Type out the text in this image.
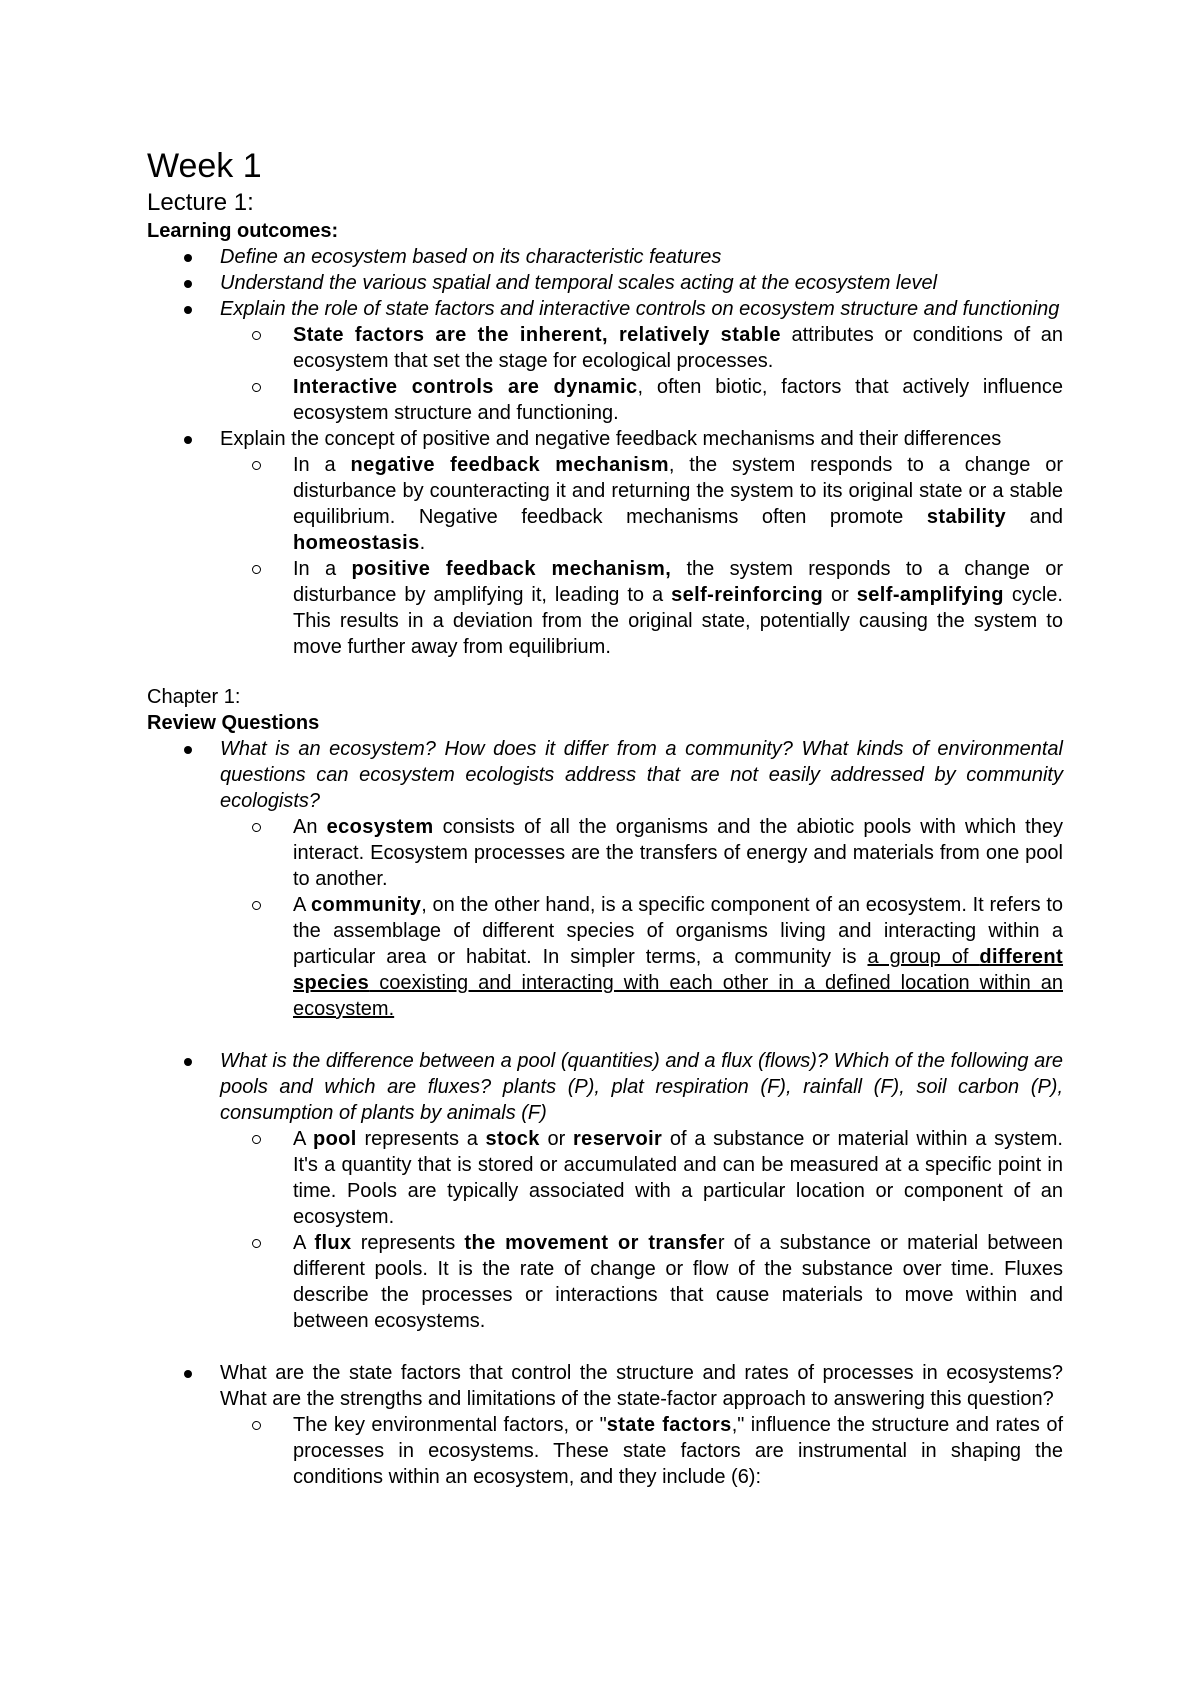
Week 1
Lecture 1:

Learning outcomes:

Define an ecosystem based on its characteristic features
Understand the various spatial and temporal scales acting at the ecosystem level
Explain the role of state factors and interactive controls on ecosystem structure and functioning
State factors are the inherent, relatively stable attributes or conditions of an ecosystem that set the stage for ecological processes.
Interactive controls are dynamic, often biotic, factors that actively influence ecosystem structure and functioning.
Explain the concept of positive and negative feedback mechanisms and their differences
In a negative feedback mechanism, the system responds to a change or disturbance by counteracting it and returning the system to its original state or a stable equilibrium. Negative feedback mechanisms often promote stability and homeostasis.
In a positive feedback mechanism, the system responds to a change or disturbance by amplifying it, leading to a self-reinforcing or self-amplifying cycle. This results in a deviation from the original state, potentially causing the system to move further away from equilibrium.

Chapter 1:

Review Questions

What is an ecosystem? How does it differ from a community? What kinds of environmental questions can ecosystem ecologists address that are not easily addressed by community ecologists?
An ecosystem consists of all the organisms and the abiotic pools with which they interact. Ecosystem processes are the transfers of energy and materials from one pool to another.
A community, on the other hand, is a specific component of an ecosystem. It refers to the assemblage of different species of organisms living and interacting within a particular area or habitat. In simpler terms, a community is a group of different species coexisting and interacting with each other in a defined location within an ecosystem.
What is the difference between a pool (quantities) and a flux (flows)? Which of the following are pools and which are fluxes? plants (P), plat respiration (F), rainfall (F), soil carbon (P), consumption of plants by animals (F)
A pool represents a stock or reservoir of a substance or material within a system. It's a quantity that is stored or accumulated and can be measured at a specific point in time. Pools are typically associated with a particular location or component of an ecosystem.
A flux represents the movement or transfer of a substance or material between different pools. It is the rate of change or flow of the substance over time. Fluxes describe the processes or interactions that cause materials to move within and between ecosystems.
What are the state factors that control the structure and rates of processes in ecosystems? What are the strengths and limitations of the state-factor approach to answering this question?
The key environmental factors, or "state factors," influence the structure and rates of processes in ecosystems. These state factors are instrumental in shaping the conditions within an ecosystem, and they include (6):
